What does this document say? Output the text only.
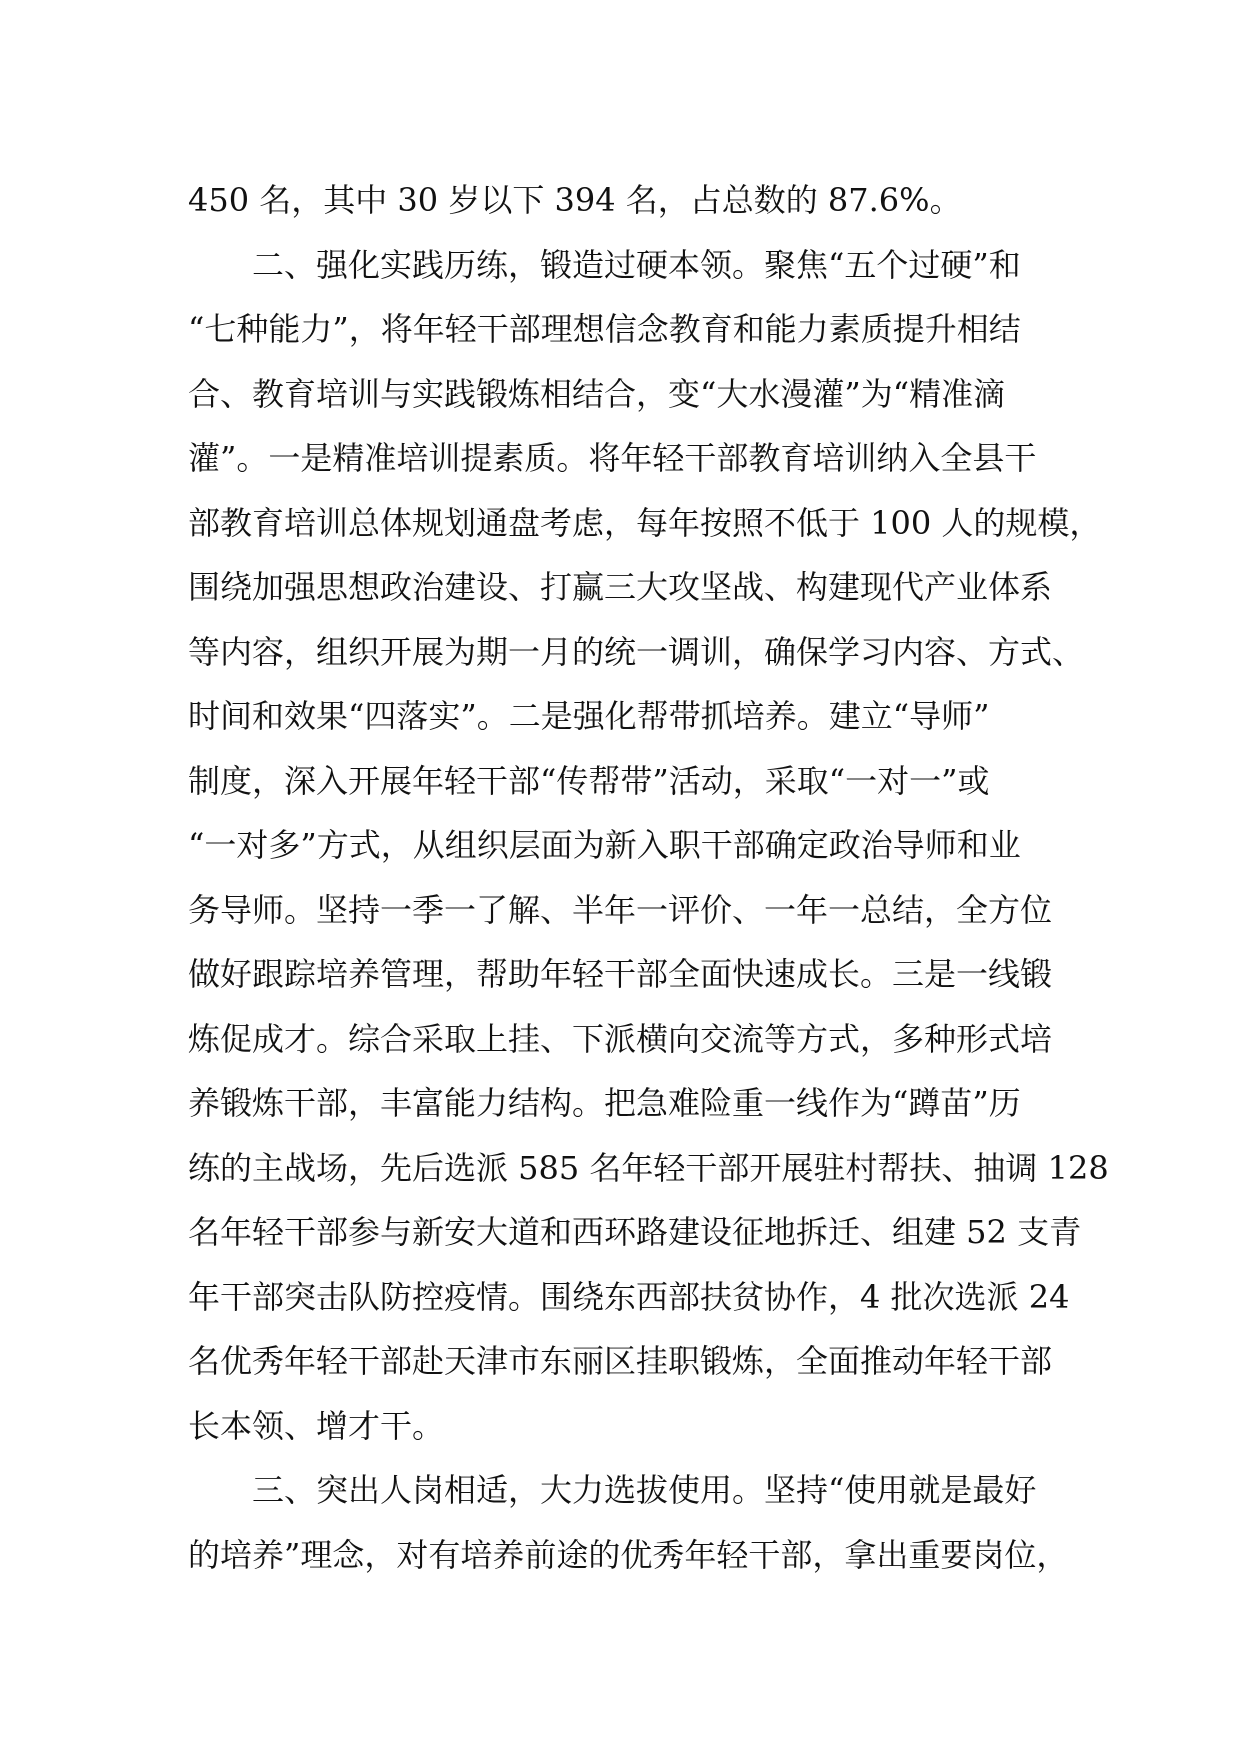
450 名，其中 30 岁以下 394 名，占总数的 87.6%。
二、强化实践历练，锻造过硬本领。聚焦“五个过硬”和
“七种能力”，将年轻干部理想信念教育和能力素质提升相结
合、教育培训与实践锻炼相结合，变“大水漫灌”为“精准滴
灌”。一是精准培训提素质。将年轻干部教育培训纳入全县干
部教育培训总体规划通盘考虑，每年按照不低于 100 人的规模，
围绕加强思想政治建设、打赢三大攻坚战、构建现代产业体系
等内容，组织开展为期一月的统一调训，确保学习内容、方式、
时间和效果“四落实”。二是强化帮带抓培养。建立“导师”
制度，深入开展年轻干部“传帮带”活动，采取“一对一”或
“一对多”方式，从组织层面为新入职干部确定政治导师和业
务导师。坚持一季一了解、半年一评价、一年一总结，全方位
做好跟踪培养管理，帮助年轻干部全面快速成长。三是一线锻
炼促成才。综合采取上挂、下派横向交流等方式，多种形式培
养锻炼干部，丰富能力结构。把急难险重一线作为“蹲苗”历
练的主战场，先后选派 585 名年轻干部开展驻村帮扶、抽调 128
名年轻干部参与新安大道和西环路建设征地拆迁、组建 52 支青
年干部突击队防控疫情。围绕东西部扶贫协作，4 批次选派 24
名优秀年轻干部赴天津市东丽区挂职锻炼，全面推动年轻干部
长本领、增才干。
三、突出人岗相适，大力选拔使用。坚持“使用就是最好
的培养”理念，对有培养前途的优秀年轻干部，拿出重要岗位，
